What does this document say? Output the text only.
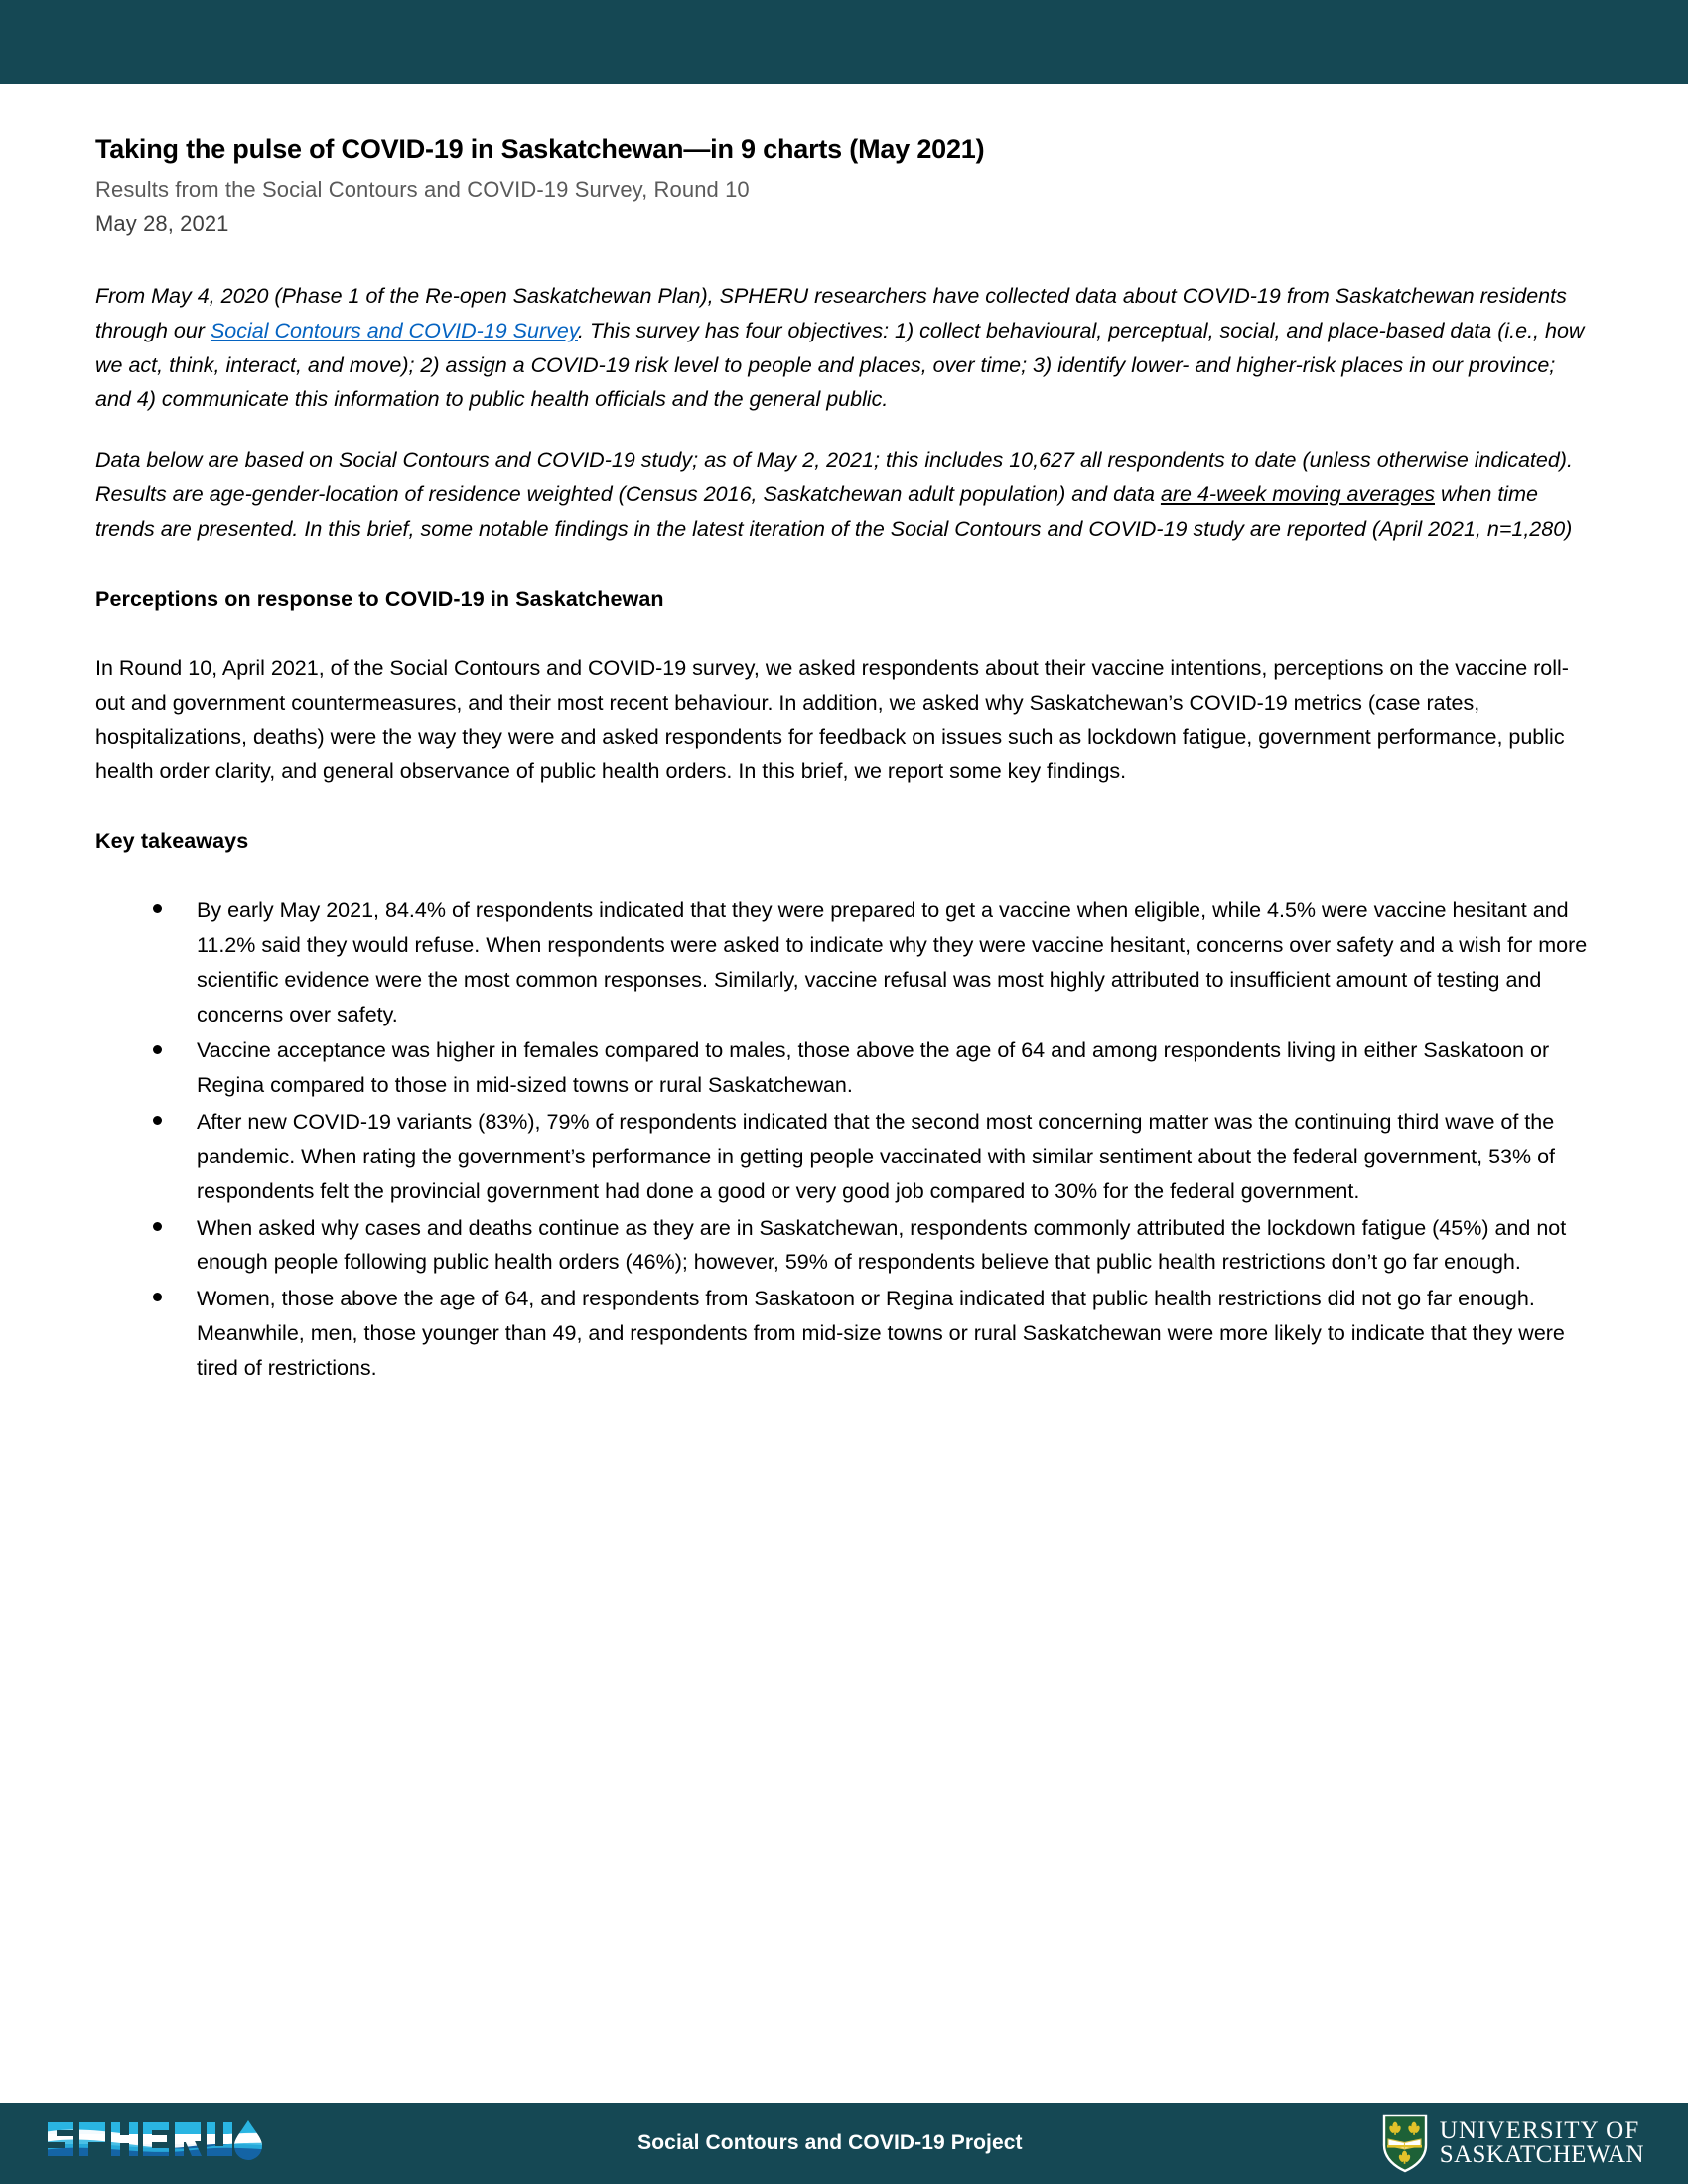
Taking the pulse of COVID-19 in Saskatchewan—in 9 charts (May 2021)
Results from the Social Contours and COVID-19 Survey, Round 10
May 28, 2021

From May 4, 2020 (Phase 1 of the Re-open Saskatchewan Plan), SPHERU researchers have collected data about COVID-19 from Saskatchewan residents through our Social Contours and COVID-19 Survey. This survey has four objectives: 1) collect behavioural, perceptual, social, and place-based data (i.e., how we act, think, interact, and move); 2) assign a COVID-19 risk level to people and places, over time; 3) identify lower- and higher-risk places in our province; and 4) communicate this information to public health officials and the general public.

Data below are based on Social Contours and COVID-19 study; as of May 2, 2021; this includes 10,627 all respondents to date (unless otherwise indicated). Results are age-gender-location of residence weighted (Census 2016, Saskatchewan adult population) and data are 4-week moving averages when time trends are presented. In this brief, some notable findings in the latest iteration of the Social Contours and COVID-19 study are reported (April 2021, n=1,280)

Perceptions on response to COVID-19 in Saskatchewan

In Round 10, April 2021, of the Social Contours and COVID-19 survey, we asked respondents about their vaccine intentions, perceptions on the vaccine roll-out and government countermeasures, and their most recent behaviour. In addition, we asked why Saskatchewan’s COVID-19 metrics (case rates, hospitalizations, deaths) were the way they were and asked respondents for feedback on issues such as lockdown fatigue, government performance, public health order clarity, and general observance of public health orders. In this brief, we report some key findings.

Key takeaways
By early May 2021, 84.4% of respondents indicated that they were prepared to get a vaccine when eligible, while 4.5% were vaccine hesitant and 11.2% said they would refuse. When respondents were asked to indicate why they were vaccine hesitant, concerns over safety and a wish for more scientific evidence were the most common responses. Similarly, vaccine refusal was most highly attributed to insufficient amount of testing and concerns over safety.
Vaccine acceptance was higher in females compared to males, those above the age of 64 and among respondents living in either Saskatoon or Regina compared to those in mid-sized towns or rural Saskatchewan.
After new COVID-19 variants (83%), 79% of respondents indicated that the second most concerning matter was the continuing third wave of the pandemic. When rating the government’s performance in getting people vaccinated with similar sentiment about the federal government, 53% of respondents felt the provincial government had done a good or very good job compared to 30% for the federal government.
When asked why cases and deaths continue as they are in Saskatchewan, respondents commonly attributed the lockdown fatigue (45%) and not enough people following public health orders (46%); however, 59% of respondents believe that public health restrictions don’t go far enough.
Women, those above the age of 64, and respondents from Saskatoon or Regina indicated that public health restrictions did not go far enough. Meanwhile, men, those younger than 49, and respondents from mid-size towns or rural Saskatchewan were more likely to indicate that they were tired of restrictions.
Social Contours and COVID-19 Project	UNIVERSITY OF
SASKATCHEWAN
